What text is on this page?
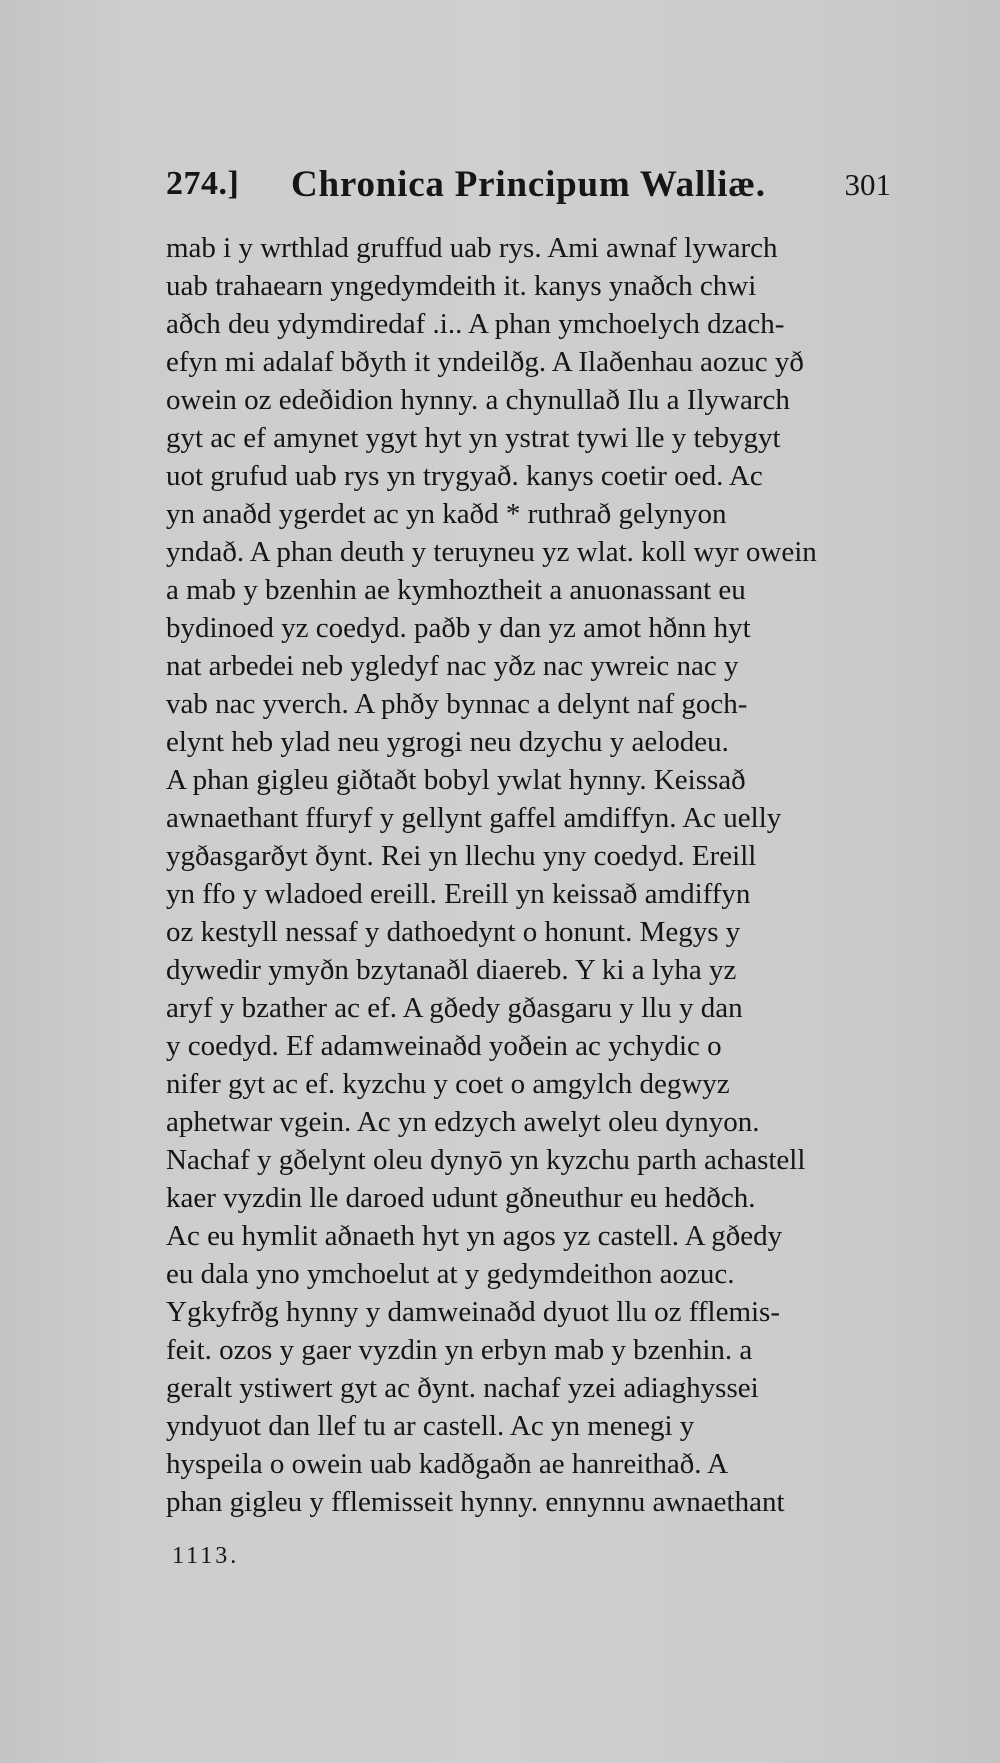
274.] Chronica Principum Walliæ.	301
mab i y wrthlad gruffud uab rys. Ami awnaf lywarch
uab trahaearn yngedymdeith it. kanys ynaðch chwi
aðch deu ydymdiredaf .i.. A phan ymchoelych dzach-
efyn mi adalaf bðyth it yndeilðg. A Ilaðenhau aozuc yð
owein oz edeðidion hynny. a chynullað Ilu a Ilywarch
gyt ac ef amynet ygyt hyt yn ystrat tywi lle y tebygyt
uot grufud uab rys yn trygyað. kanys coetir oed. Ac
yn anaðd ygerdet ac yn kaðd * ruthrað gelynyon
yndað. A phan deuth y teruyneu yz wlat. koll wyr owein
a mab y bzenhin ae kymhoztheit a anuonassant eu
bydinoed yz coedyd. paðb y dan yz amot hðnn hyt
nat arbedei neb ygledyf nac yðz nac ywreic nac y
vab nac yverch. A phðy bynnac a delynt naf goch-
elynt heb ylad neu ygrogi neu dzychu y aelodeu.
A phan gigleu giðtaðt bobyl ywlat hynny. Keissað
awnaethant ffuryf y gellynt gaffel amdiffyn. Ac uelly
ygðasgarðyt ðynt. Rei yn llechu yny coedyd. Ereill
yn ffo y wladoed ereill. Ereill yn keissað amdiffyn
oz kestyll nessaf y dathoedynt o honunt. Megys y
dywedir ymyðn bzytanaðl diaereb. Y ki a lyha yz
aryf y bzather ac ef. A gðedy gðasgaru y llu y dan
y coedyd. Ef adamweinaðd yoðein ac ychydic o
nifer gyt ac ef. kyzchu y coet o amgylch degwyz
aphetwar vgein. Ac yn edzych awelyt oleu dynyon.
Nachaf y gðelynt oleu dynyō yn kyzchu parth achastell
kaer vyzdin lle daroed udunt gðneuthur eu hedðch.
Ac eu hymlit aðnaeth hyt yn agos yz castell. A gðedy
eu dala yno ymchoelut at y gedymdeithon aozuc.
Ygkyfrðg hynny y damweinaðd dyuot llu oz fflemis-
feit. ozos y gaer vyzdin yn erbyn mab y bzenhin. a
geralt ystiwert gyt ac ðynt. nachaf yzei adiaghyssei
yndyuot dan llef tu ar castell. Ac yn menegi y
hyspeila o owein uab kadðgaðn ae hanreithað. A
phan gigleu y fflemisseit hynny. ennynnu awnaethant
1113.
